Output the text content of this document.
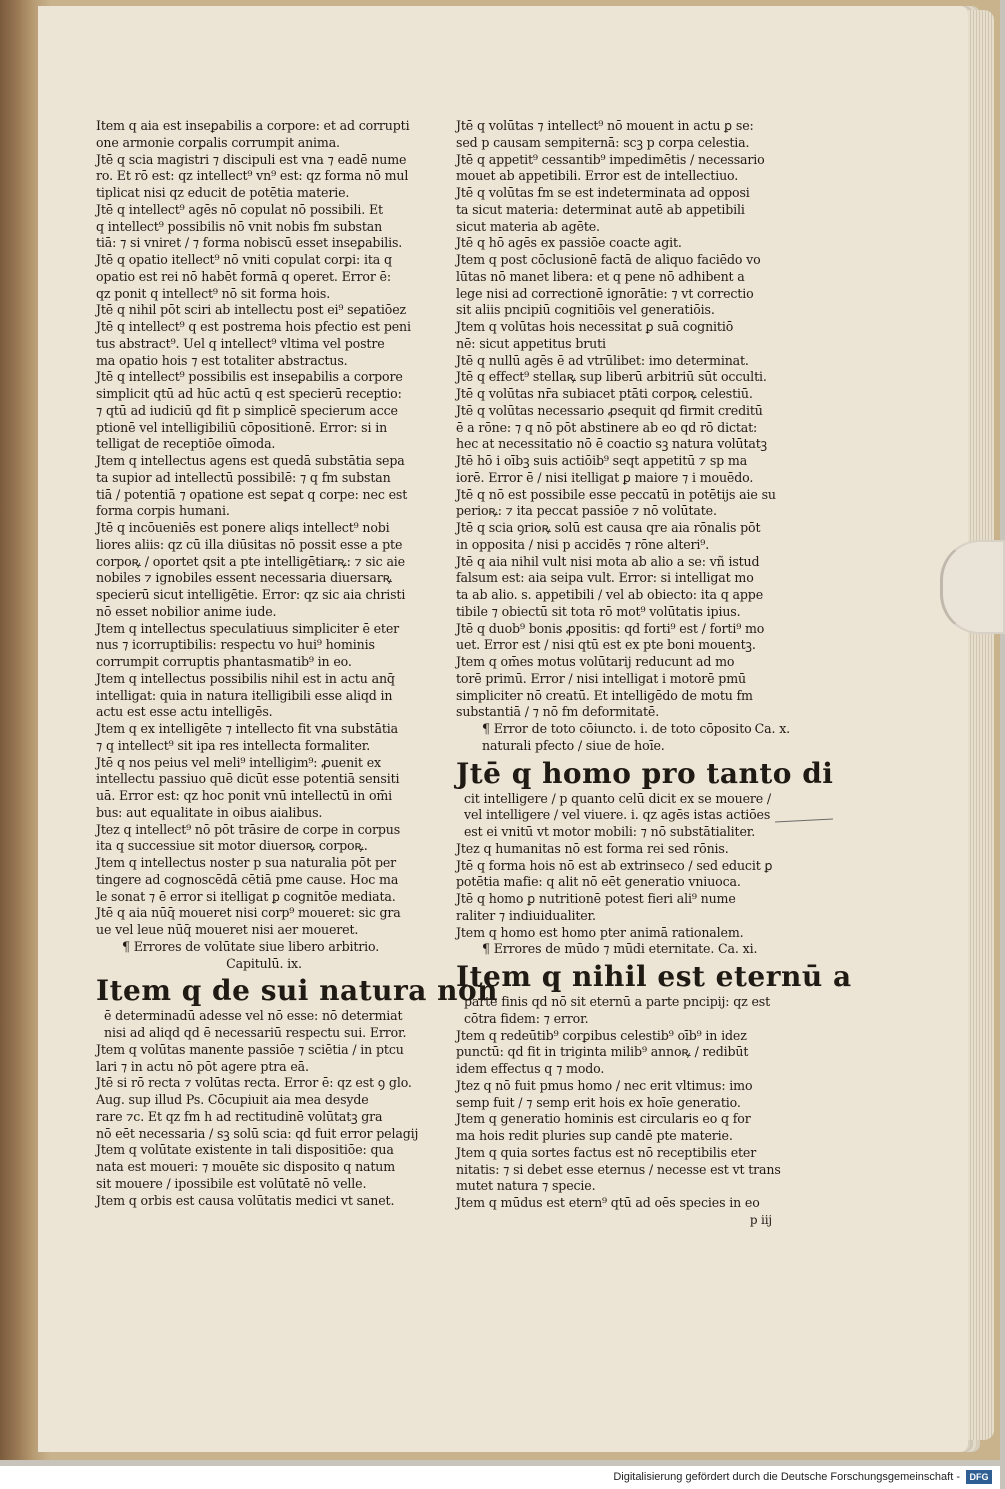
Item q aia est inseꝑabilis a corpore: et ad corrupti
one armonie corꝑalis corrumpit anima.
Jtē q scia magistri ⁊ discipuli est vna ⁊ eadē nume
ro. Et rō est: qz intellect⁹ vn⁹ est: qz forma nō mul
tiplicat nisi qz educit de potētia materie.
Jtē q intellect⁹ agēs nō copulat nō possibili. Et
q intellect⁹ possibilis nō vnit nobis fm substan
tiā: ⁊ si vniret / ⁊ forma nobiscū esset inseꝑabilis.
Jtē q opatio itellect⁹ nō vniti copulat corꝑi: ita q
opatio est rei nō habēt formā q operet. Error ē:
qz ponit q intellect⁹ nō sit forma hois.
Jtē q nihil pōt sciri ab intellectu post ei⁹ seꝑatiōez
Jtē q intellect⁹ q est postrema hois pfectio est peni
tus abstract⁹. Uel q intellect⁹ vltima vel postre
ma opatio hois ⁊ est totaliter abstractus.
Jtē q intellect⁹ possibilis est inseꝑabilis a corpore
simplicit qtū ad hūc actū q est specierū receptio:
⁊ qtū ad iudiciū qd fit p simplicē specierum acce
ptionē vel intelligibiliū cōpositionē. Error: si in
telligat de receptiōe oīmoda.
Jtem q intellectus agens est quedā substātia sepa
ta supior ad intellectū possibilē: ⁊ q fm substan
tiā / potentiā ⁊ opatione est seꝑat q corpe: nec est
forma corpis humani.
Jtē q incōueniēs est ponere aliqs intellect⁹ nobi
liores aliis: qz cū illa diūsitas nō possit esse a pte
corpoꝶ / oportet qsit a pte intelligētiarꝶ: ⁊ sic aie
nobiles ⁊ ignobiles essent necessaria diuersarꝶ
specierū sicut intelligētie. Error: qz sic aia christi
nō esset nobilior anime iude.
Jtem q intellectus speculatiuus simpliciter ē eter
nus ⁊ icorruptibilis: respectu vo hui⁹ hominis
corrumpit corruptis phantasmatib⁹ in eo.
Jtem q intellectus possibilis nihil est in actu anq̄
intelligat: quia in natura itelligibili esse aliqd in
actu est esse actu intelligēs.
Jtem q ex intelligēte ⁊ intellecto fit vna substātia
⁊ q intellect⁹ sit ipa res intellecta formaliter.
Jtē q nos peius vel meli⁹ intelligim⁹: ꝓuenit ex
intellectu passiuo quē dicūt esse potentiā sensiti
uā. Error est: qz hoc ponit vnū intellectū in om̄i
bus: aut equalitate in oibus aialibus.
Jtez q intellect⁹ nō pōt trāsire de corpe in corpus
ita q successiue sit motor diuersoꝶ corpoꝶ.
Jtem q intellectus noster p sua naturalia pōt per
tingere ad cognoscēdā cētiā pme cause. Hoc ma
le sonat ⁊ ē error si itelligat ꝑ cognitōe mediata.
Jtē q aia nūq̄ moueret nisi corp⁹ moueret: sic gra
ue vel leue nūq̄ moueret nisi aer moueret.
¶ Errores de volūtate siue libero arbitrio.
Capitulū. ix.
Item q de sui natura non
ē determinadū adesse vel nō esse: nō determiat
nisi ad aliqd qd ē necessariū respectu sui. Error.
Jtem q volūtas manente passiōe ⁊ sciētia / in ptcu
lari ⁊ in actu nō pōt agere ptra eā.
Jtē si rō recta ⁊ volūtas recta. Error ē: qz est ꝯ glo.
Aug. sup illud Ps. Cōcupiuit aia mea desyde
rare ⁊c. Et qz fm h ad rectitudinē volūtatꝫ gra
nō eēt necessaria / sꝫ solū scia: qd fuit error pelagij
Jtem q volūtate existente in tali dispositiōe: qua
nata est moueri: ⁊ mouēte sic disposito q natum
sit mouere / ipossibile est volūtatē nō velle.
Jtem q orbis est causa volūtatis medici vt sanet.
Jtē q volūtas ⁊ intellect⁹ nō mouent in actu ꝑ se:
sed p causam sempiternā: scꝫ p corpa celestia.
Jtē q appetit⁹ cessantib⁹ impedimētis / necessario
mouet ab appetibili. Error est de intellectiuo.
Jtē q volūtas fm se est indeterminata ad opposi
ta sicut materia: determinat autē ab appetibili
sicut materia ab agēte.
Jtē q hō agēs ex passiōe coacte agit.
Jtem q post cōclusionē factā de aliquo faciēdo vo
lūtas nō manet libera: et q pene nō adhibent a
lege nisi ad correctionē ignorātie: ⁊ vt correctio
sit aliis pncipiū cognitiōis vel generatiōis.
Jtem q volūtas hois necessitat ꝑ suā cognitiō
nē: sicut appetitus bruti
Jtē q nullū agēs ē ad vtrūlibet: imo determinat.
Jtē q effect⁹ stellaꝶ sup liberū arbitriū sūt occulti.
Jtē q volūtas nr̄a subiacet ptāti corpoꝶ celestiū.
Jtē q volūtas necessario ꝓsequit qd firmit creditū
ē a rōne: ⁊ q nō pōt abstinere ab eo qd rō dictat:
hec at necessitatio nō ē coactio sꝫ natura volūtatꝫ
Jtē hō i oībꝫ suis actiōib⁹ seqt appetitū ⁊ sp ma
iorē. Error ē / nisi itelligat ꝑ maiore ⁊ i mouēdo.
Jtē q nō est possibile esse peccatū in potētijs aie su
perioꝶ: ⁊ ita peccat passiōe ⁊ nō volūtate.
Jtē q scia ꝯrioꝶ solū est causa qre aia rōnalis pōt
in opposita / nisi p accidēs ⁊ rōne alteri⁹.
Jtē q aia nihil vult nisi mota ab alio a se: vñ istud
falsum est: aia seipa vult. Error: si intelligat mo
ta ab alio. s. appetibili / vel ab obiecto: ita q appe
tibile ⁊ obiectū sit tota rō mot⁹ volūtatis ipius.
Jtē q duob⁹ bonis ꝓpositis: qd forti⁹ est / forti⁹ mo
uet. Error est / nisi qtū est ex pte boni mouentꝫ.
Jtem q om̄es motus volūtarij reducunt ad mo
torē primū. Error / nisi intelligat i motorē pmū
simpliciter nō creatū. Et intelligēdo de motu fm
substantiā / ⁊ nō fm deformitatē.
¶ Error de toto cōiuncto. i. de toto cōposito Ca. x.
naturali pfecto / siue de hoīe.
Jtē q homo pro tanto di
cit intelligere / p quanto celū dicit ex se mouere /
vel intelligere / vel viuere. i. qz agēs istas actiōes
est ei vnitū vt motor mobili: ⁊ nō substātialiter.
Jtez q humanitas nō est forma rei sed rōnis.
Jtē q forma hois nō est ab extrinseco / sed educit ꝑ
potētia mafie: q alit nō eēt generatio vniuoca.
Jtē q homo ꝑ nutritionē potest fieri ali⁹ nume
raliter ⁊ indiuidualiter.
Jtem q homo est homo pter animā rationalem.
¶ Errores de mūdo ⁊ mūdi eternitate. Ca. xi.
Item q nihil est eternū a
parte finis qd nō sit eternū a parte pncipij: qz est
cōtra fidem: ⁊ error.
Jtem q redeūtib⁹ corꝑibus celestib⁹ oīb⁹ in idez
punctū: qd fit in triginta milib⁹ annoꝶ / redibūt
idem effectus q ⁊ modo.
Jtez q nō fuit pmus homo / nec erit vltimus: imo
semp fuit / ⁊ semp erit hois ex hoīe generatio.
Jtem q generatio hominis est circularis eo q for
ma hois redit pluries sup candē pte materie.
Jtem q quia sortes factus est nō receptibilis eter
nitatis: ⁊ si debet esse eternus / necesse est vt trans
mutet natura ⁊ specie.
Jtem q mūdus est etern⁹ qtū ad oēs species in eo
p iij
Digitalisierung gefördert durch die Deutsche Forschungsgemeinschaft -	DFG
